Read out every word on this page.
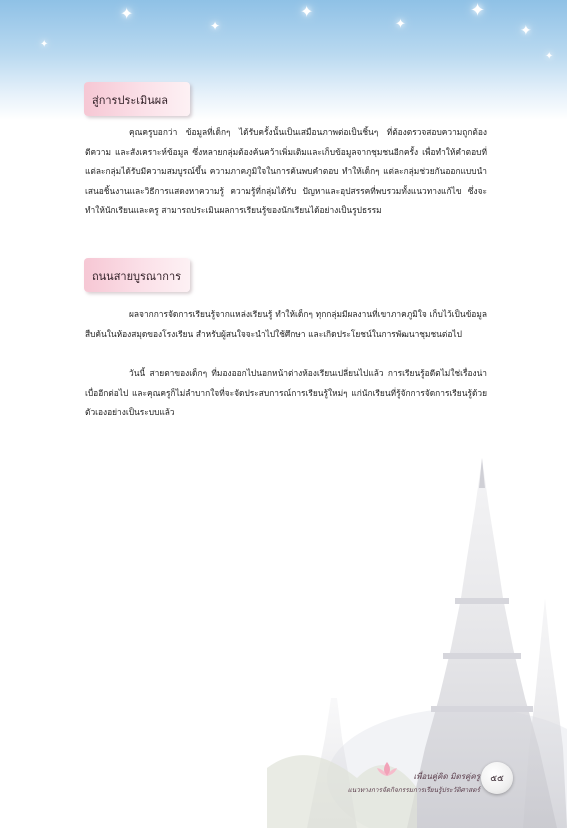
✦
✦
✦
✦
✦
✦
✦
✦
สู่การประเมินผล
คุณครูบอกว่า ข้อมูลที่เด็กๆ ได้รับครั้งนั้นเป็นเสมือนภาพต่อเป็นชิ้นๆ ที่ต้องตรวจสอบความถูกต้อง ตีความ และสังเคราะห์ข้อมูล ซึ่งหลายกลุ่มต้องค้นคว้าเพิ่มเติมและเก็บข้อมูลจากชุมชนอีกครั้ง เพื่อทำให้คำตอบที่แต่ละกลุ่มได้รับมีความสมบูรณ์ขึ้น ความภาคภูมิใจในการค้นพบคำตอบ ทำให้เด็กๆ แต่ละกลุ่มช่วยกันออกแบบนำเสนอชิ้นงานและวิธีการแสดงหาความรู้ ความรู้ที่กลุ่มได้รับ ปัญหาและอุปสรรคที่พบรวมทั้งแนวทางแก้ไข ซึ่งจะทำให้นักเรียนและครู สามารถประเมินผลการเรียนรู้ของนักเรียนได้อย่างเป็นรูปธรรม
ถนนสายบูรณาการ
ผลจากการจัดการเรียนรู้จากแหล่งเรียนรู้ ทำให้เด็กๆ ทุกกลุ่มมีผลงานที่เขาภาคภูมิใจ เก็บไว้เป็นข้อมูลสืบค้นในห้องสมุดของโรงเรียน สำหรับผู้สนใจจะนำไปใช้ศึกษา และเกิดประโยชน์ในการพัฒนาชุมชนต่อไป
วันนี้ สายตาของเด็กๆ ที่มองออกไปนอกหน้าต่างห้องเรียนเปลี่ยนไปแล้ว การเรียนรู้อดีตไม่ใช่เรื่องน่าเบื่ออีกต่อไป และคุณครูก็ไม่ลำบากใจที่จะจัดประสบการณ์การเรียนรู้ใหม่ๆ แก่นักเรียนที่รู้จักการจัดการเรียนรู้ด้วยตัวเองอย่างเป็นระบบแล้ว
เพื่อนคู่คิด มิตรคู่ครู
แนวทางการจัดกิจกรรมการเรียนรู้ประวัติศาสตร์
๕๕
